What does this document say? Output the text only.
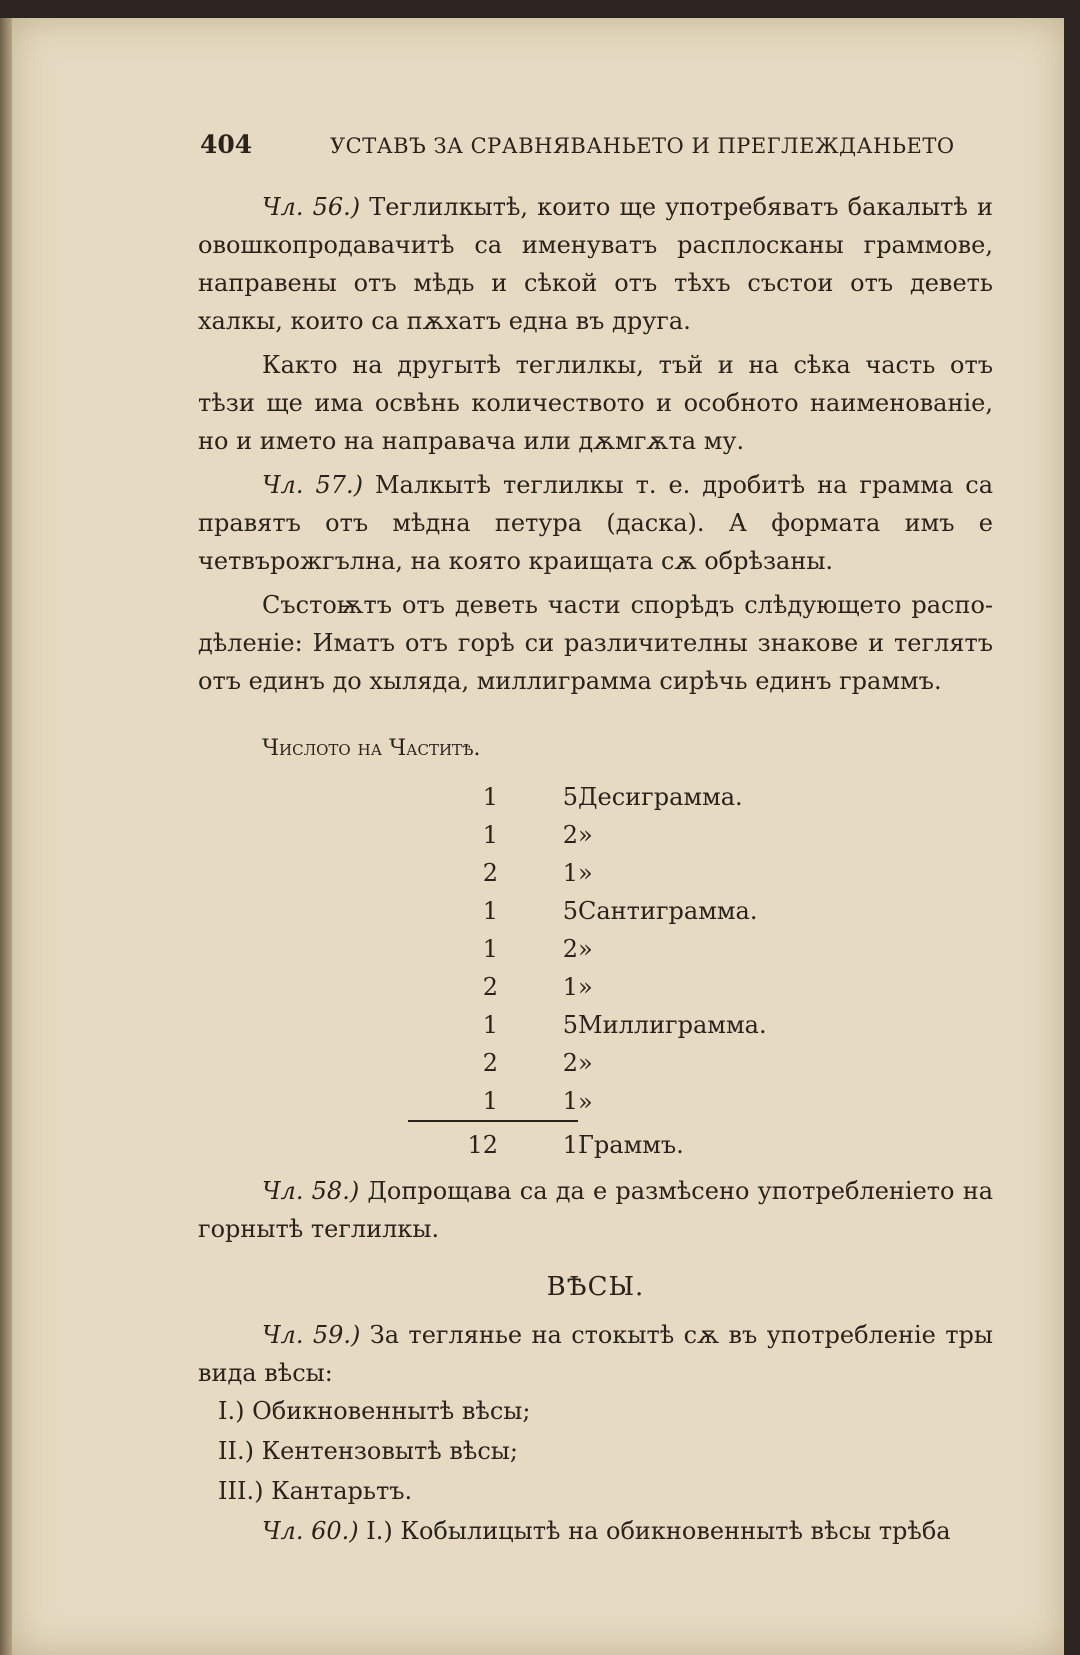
404	УСТАВЪ ЗА СРАВНЯВАНЬЕТО И ПРЕГЛЕЖДАНЬЕТО

Чл. 56.) Теглилкытѣ, които ще употребяватъ бакалытѣ и овошкопродавачитѣ са именуватъ расплосканы граммове, направены отъ мѣдь и сѣкой отъ тѣхъ състои отъ деветь халкы, които са пѫхатъ една въ друга.

Както на другытѣ теглилкы, тъй и на сѣка часть отъ тѣзи ще има освѣнь количеството и особното наименованіе, но и името на направача или дѫмгѫта му.

Чл. 57.) Малкытѣ теглилкы т. е. дробитѣ на грамма са правятъ отъ мѣдна петура (даска). А формата имъ е четвърожгълна, на която краищата сѫ обрѣзаны.

Състоѭтъ отъ деветь части спорѣдъ слѣдующето расподѣленіе: Иматъ отъ горѣ си различителны знакове и теглятъ отъ единъ до хыляда, миллиграмма сирѣчь единъ граммъ.

Числото на Частитѣ.
1	5	Десиграмма.
1	2	»
2	1	»
1	5	Сантиграмма.
1	2	»
2	1	»
1	5	Миллиграмма.
2	2	»
1	1	»
12	1	Граммъ.

Чл. 58.) Допрощава са да е размѣсено употребленіето на горнытѣ теглилкы.

ВѢСЫ.

Чл. 59.) За теглянье на стокытѣ сѫ въ употребленіе тры вида вѣсы:

I.) Обикновеннытѣ вѣсы;
II.) Кентензовытѣ вѣсы;
III.) Кантарьтъ.

Чл. 60.) I.) Кобылицытѣ на обикновеннытѣ вѣсы трѣба
